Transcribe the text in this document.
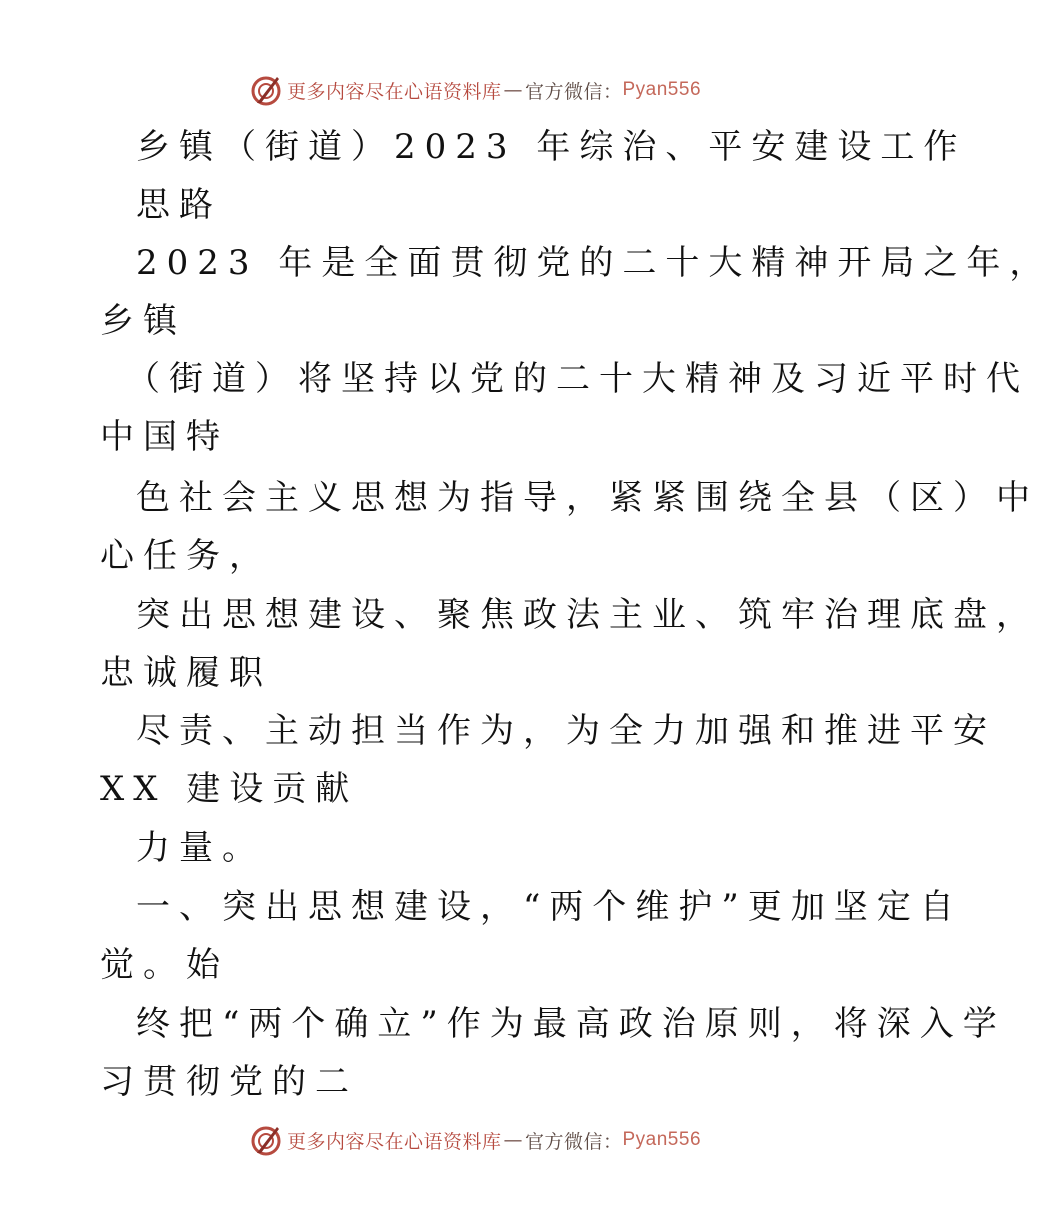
更多内容尽在心语资料库 — 官方微信： Pyan556
乡镇（街道）2023 年综治、平安建设工作
思路
2023 年是全面贯彻党的二十大精神开局之年，
乡镇
（街道）将坚持以党的二十大精神及习近平时代
中国特
色社会主义思想为指导，紧紧围绕全县（区）中
心任务，
突出思想建设、聚焦政法主业、筑牢治理底盘，
忠诚履职
尽责、主动担当作为，为全力加强和推进平安
XX 建设贡献
力量。
一、突出思想建设，“两个维护”更加坚定自
觉。始
终把“两个确立”作为最高政治原则，将深入学
习贯彻党的二
更多内容尽在心语资料库 — 官方微信： Pyan556
